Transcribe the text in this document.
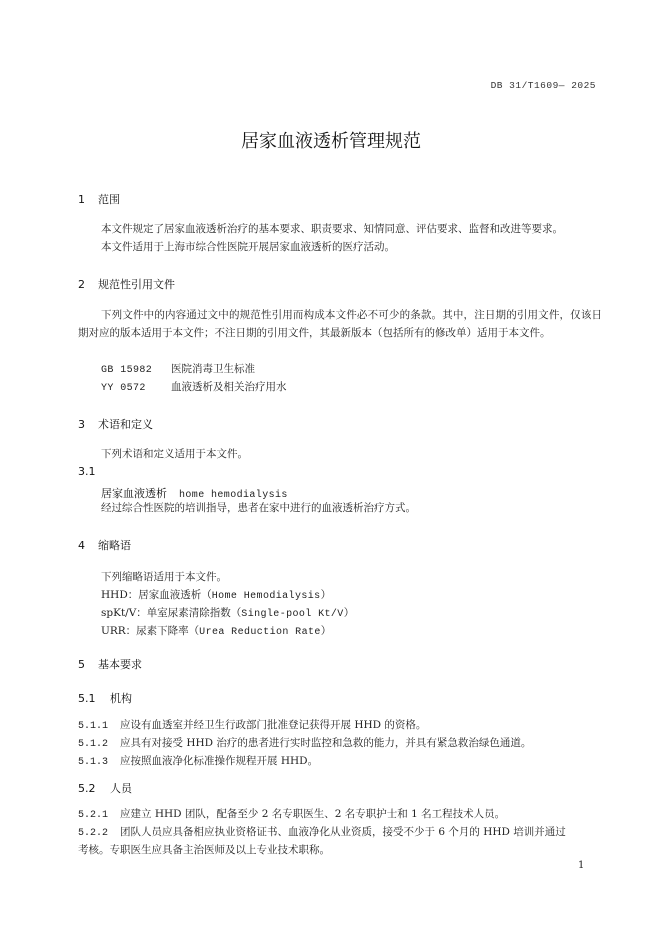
DB 31/T1609— 2025
居家血液透析管理规范
1 范围
本文件规定了居家血液透析治疗的基本要求、职责要求、知情同意、评估要求、监督和改进等要求。
本文件适用于上海市综合性医院开展居家血液透析的医疗活动。
2 规范性引用文件
下列文件中的内容通过文中的规范性引用而构成本文件必不可少的条款。其中，注日期的引用文件，仅该日期对应的版本适用于本文件；不注日期的引用文件，其最新版本（包括所有的修改单）适用于本文件。
GB 15982 医院消毒卫生标准
YY 0572 血液透析及相关治疗用水
3 术语和定义
下列术语和定义适用于本文件。
3.1
居家血液透析 home hemodialysis
经过综合性医院的培训指导，患者在家中进行的血液透析治疗方式。
4 缩略语
下列缩略语适用于本文件。
HHD：居家血液透析（Home Hemodialysis）
spKt/V：单室尿素清除指数（Single-pool Kt/V）
URR：尿素下降率（Urea Reduction Rate）
5 基本要求
5.1 机构
5.1.1 应设有血透室并经卫生行政部门批准登记获得开展 HHD 的资格。
5.1.2 应具有对接受 HHD 治疗的患者进行实时监控和急救的能力，并具有紧急救治绿色通道。
5.1.3 应按照血液净化标准操作规程开展 HHD。
5.2 人员
5.2.1 应建立 HHD 团队，配备至少 2 名专职医生、2 名专职护士和 1 名工程技术人员。
5.2.2 团队人员应具备相应执业资格证书、血液净化从业资质，接受不少于 6 个月的 HHD 培训并通过
考核。专职医生应具备主治医师及以上专业技术职称。
1
